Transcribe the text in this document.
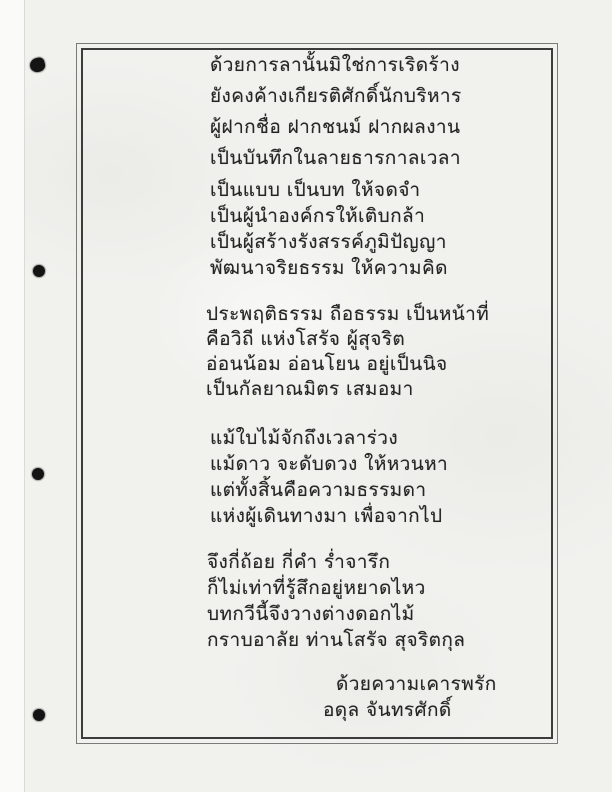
ด้วยการลานั้นมิใช่การเริดร้าง
ยังคงค้างเกียรติศักดิ์นักบริหาร
ผู้ฝากชื่อ ฝากชนม์ ฝากผลงาน
เป็นบันทึกในลายธารกาลเวลา
เป็นแบบ เป็นบท ให้จดจำ
เป็นผู้นำองค์กรให้เติบกล้า
เป็นผู้สร้างรังสรรค์ภูมิปัญญา
พัฒนาจริยธรรม ให้ความคิด
ประพฤติธรรม ถือธรรม เป็นหน้าที่
คือวิถี แห่งโสรัจ ผู้สุจริต
อ่อนน้อม อ่อนโยน อยู่เป็นนิจ
เป็นกัลยาณมิตร เสมอมา
แม้ใบไม้จักถึงเวลาร่วง
แม้ดาว จะดับดวง ให้หวนหา
แต่ทั้งสิ้นคือความธรรมดา
แห่งผู้เดินทางมา เพื่อจากไป
จึงกี่ถ้อย กี่คำ ร่ำจารึก
ก็ไม่เท่าที่รู้สึกอยู่หยาดไหว
บทกวีนี้จึงวางต่างดอกไม้
กราบอาลัย ท่านโสรัจ สุจริตกุล
ด้วยความเคารพรัก
อดุล จันทรศักดิ์
